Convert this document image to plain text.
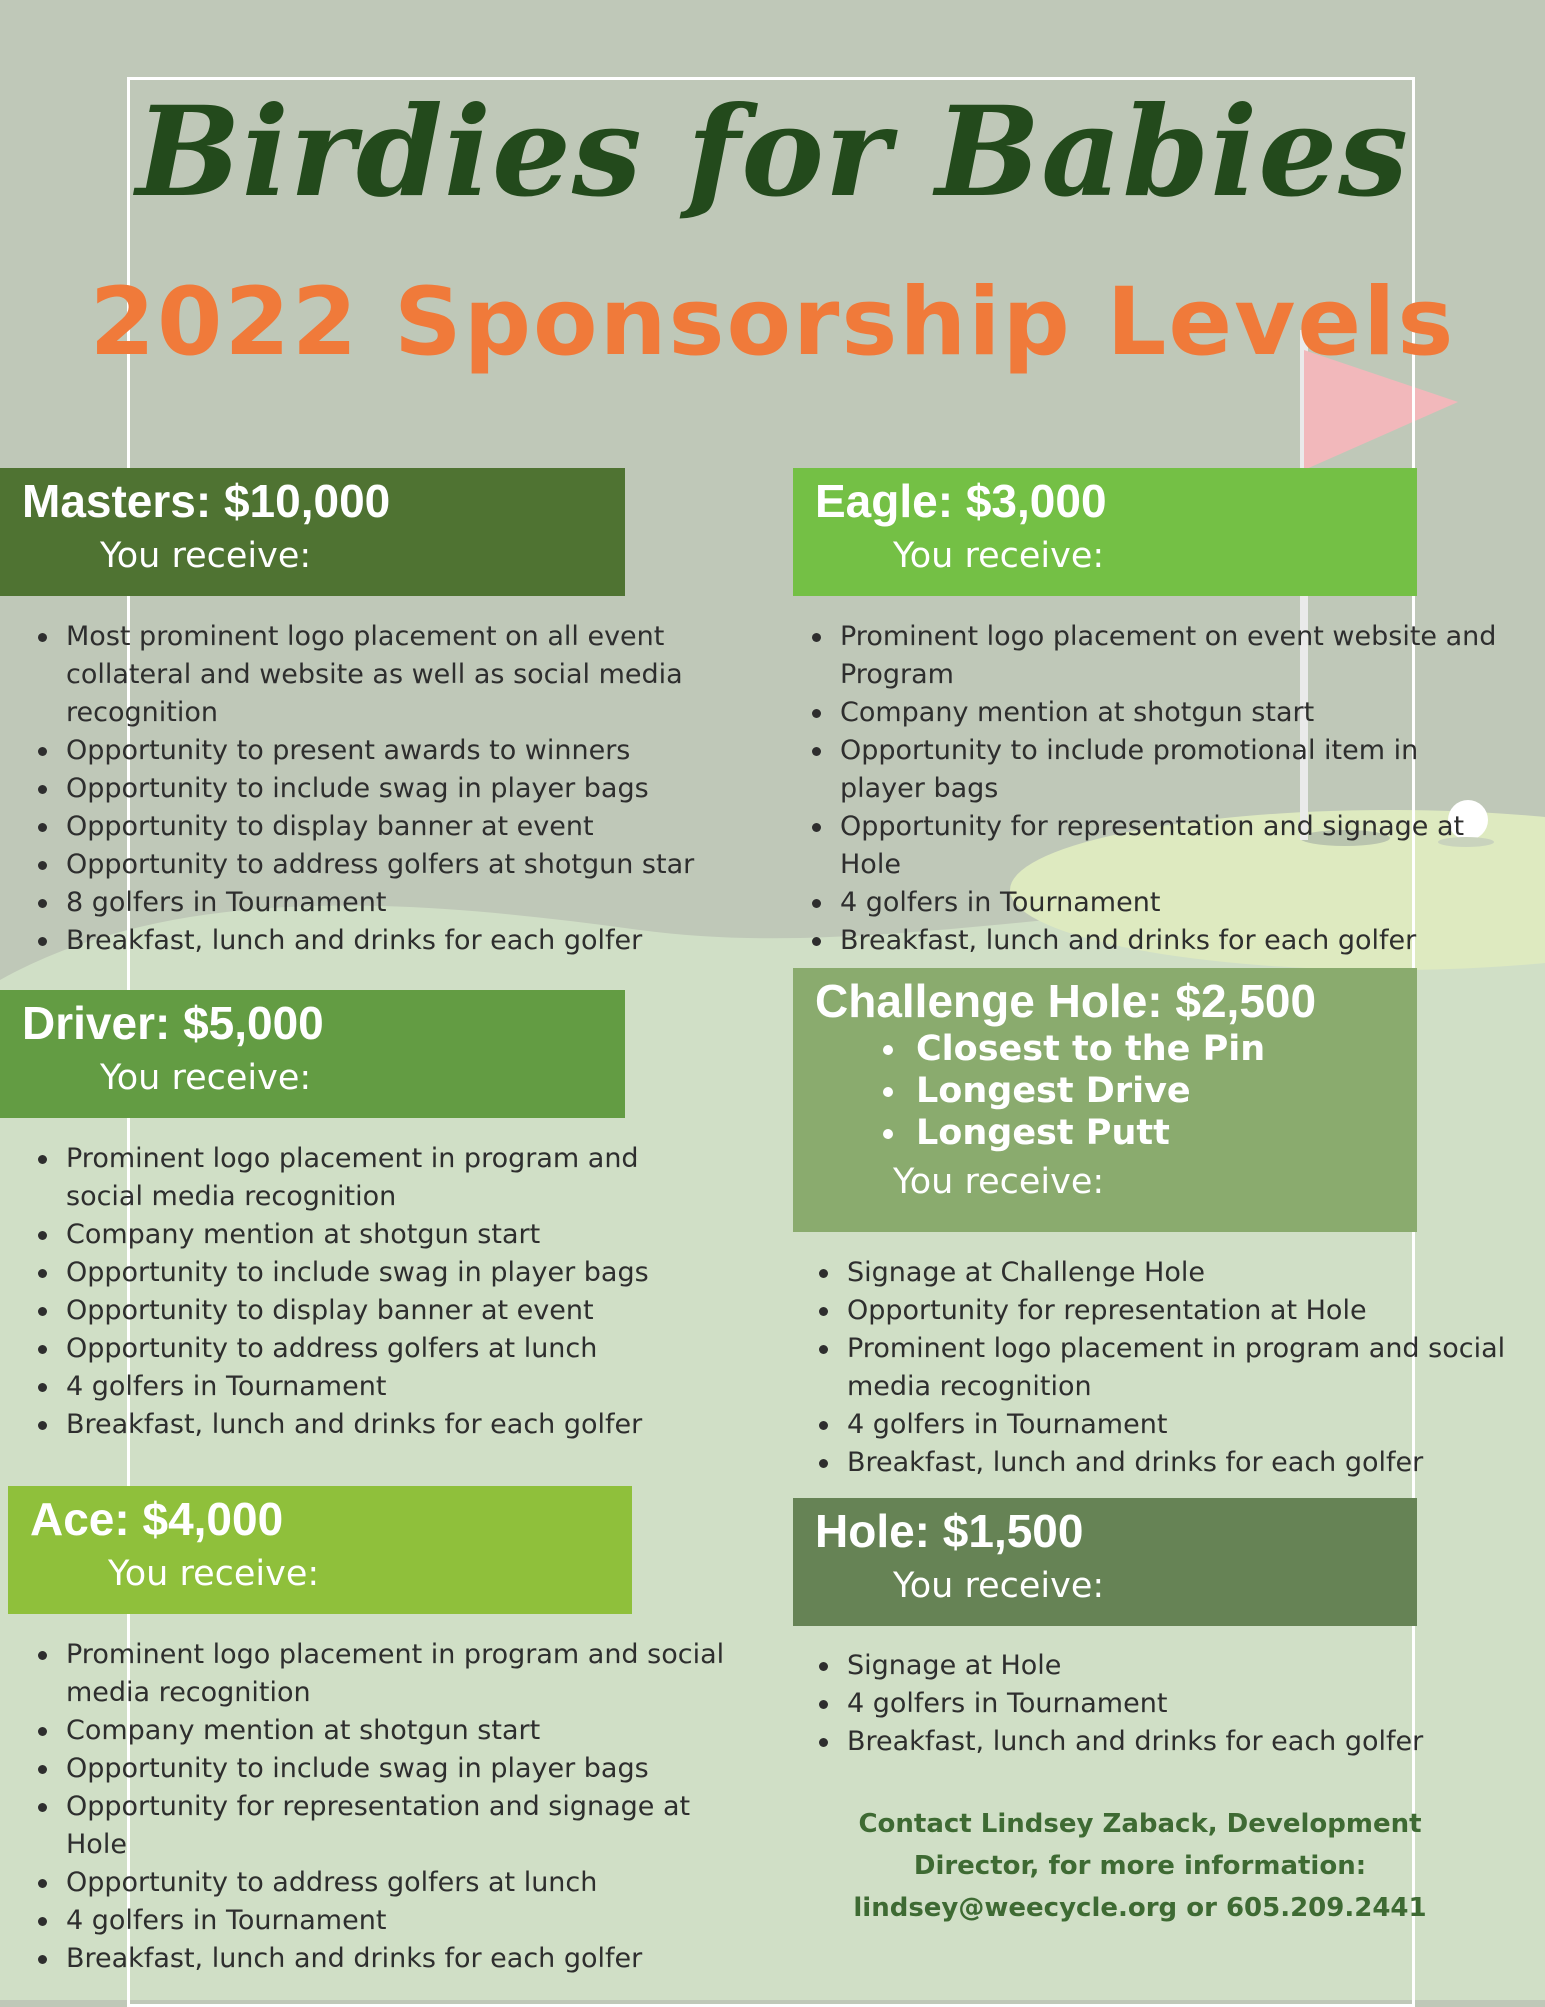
Birdies for Babies
2022 Sponsorship Levels
Masters: $10,000
You receive:
Most prominent logo placement on all event collateral and website as well as social media recognition
Opportunity to present awards to winners
Opportunity to include swag in player bags
Opportunity to display banner at event
Opportunity to address golfers at shotgun star
8 golfers in Tournament
Breakfast, lunch and drinks for each golfer
Eagle: $3,000
You receive:
Prominent logo placement on event website and Program
Company mention at shotgun start
Opportunity to include promotional item in player bags
Opportunity for representation and signage at Hole
4 golfers in Tournament
Breakfast, lunch and drinks for each golfer
Driver: $5,000
You receive:
Prominent logo placement in program and social media recognition
Company mention at shotgun start
Opportunity to include swag in player bags
Opportunity to display banner at event
Opportunity to address golfers at lunch
4 golfers in Tournament
Breakfast, lunch and drinks for each golfer
Challenge Hole: $2,500
You receive:
Closest to the Pin
Longest Drive
Longest Putt
Signage at Challenge Hole
Opportunity for representation at Hole
Prominent logo placement in program and social media recognition
4 golfers in Tournament
Breakfast, lunch and drinks for each golfer
Ace: $4,000
You receive:
Prominent logo placement in program and social media recognition
Company mention at shotgun start
Opportunity to include swag in player bags
Opportunity for representation and signage at Hole
Opportunity to address golfers at lunch
4 golfers in Tournament
Breakfast, lunch and drinks for each golfer
Hole: $1,500
You receive:
Signage at Hole
4 golfers in Tournament
Breakfast, lunch and drinks for each golfer
Contact Lindsey Zaback, Development
Director, for more information:
lindsey@weecycle.org or 605.209.2441
